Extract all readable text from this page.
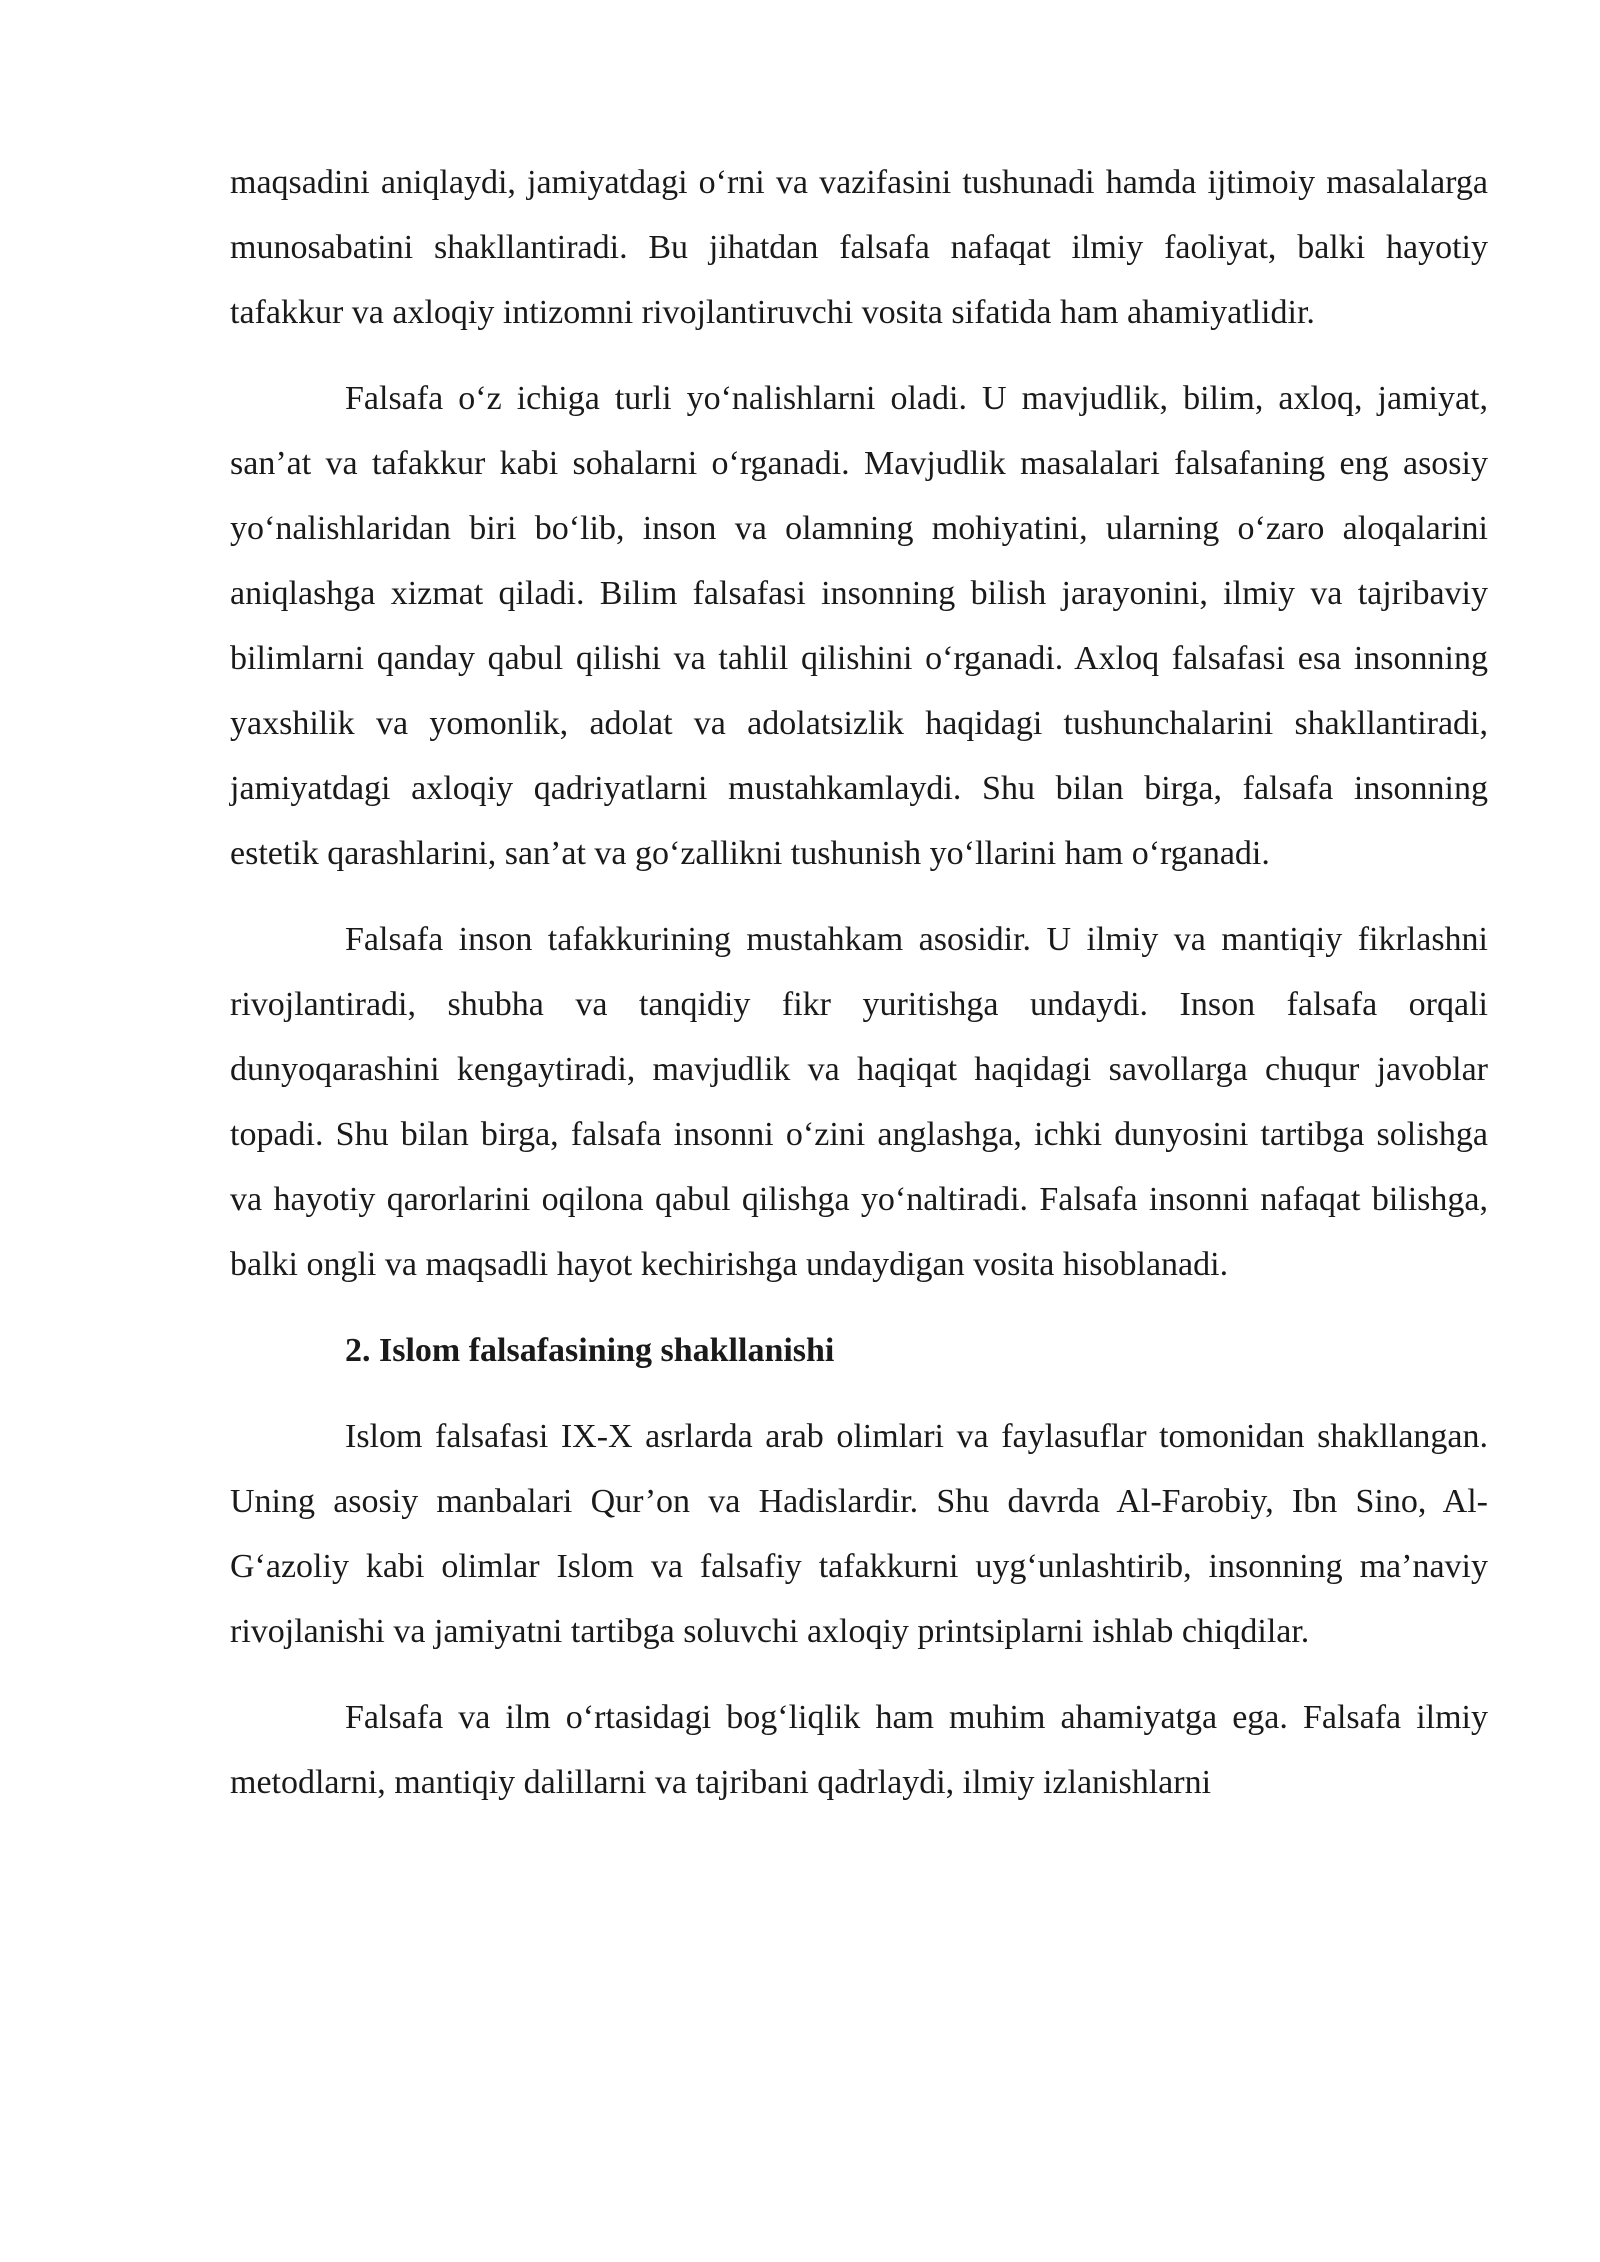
maqsadini aniqlaydi, jamiyatdagi o‘rni va vazifasini tushunadi hamda ijtimoiy masalalarga munosabatini shakllantiradi. Bu jihatdan falsafa nafaqat ilmiy faoliyat, balki hayotiy tafakkur va axloqiy intizomni rivojlantiruvchi vosita sifatida ham ahamiyatlidir.

Falsafa o‘z ichiga turli yo‘nalishlarni oladi. U mavjudlik, bilim, axloq, jamiyat, san’at va tafakkur kabi sohalarni o‘rganadi. Mavjudlik masalalari falsafaning eng asosiy yo‘nalishlaridan biri bo‘lib, inson va olamning mohiyatini, ularning o‘zaro aloqalarini aniqlashga xizmat qiladi. Bilim falsafasi insonning bilish jarayonini, ilmiy va tajribaviy bilimlarni qanday qabul qilishi va tahlil qilishini o‘rganadi. Axloq falsafasi esa insonning yaxshilik va yomonlik, adolat va adolatsizlik haqidagi tushunchalarini shakllantiradi, jamiyatdagi axloqiy qadriyatlarni mustahkamlaydi. Shu bilan birga, falsafa insonning estetik qarashlarini, san’at va go‘zallikni tushunish yo‘llarini ham o‘rganadi.

Falsafa inson tafakkurining mustahkam asosidir. U ilmiy va mantiqiy fikrlashni rivojlantiradi, shubha va tanqidiy fikr yuritishga undaydi. Inson falsafa orqali dunyoqarashini kengaytiradi, mavjudlik va haqiqat haqidagi savollarga chuqur javoblar topadi. Shu bilan birga, falsafa insonni o‘zini anglashga, ichki dunyosini tartibga solishga va hayotiy qarorlarini oqilona qabul qilishga yo‘naltiradi. Falsafa insonni nafaqat bilishga, balki ongli va maqsadli hayot kechirishga undaydigan vosita hisoblanadi.

2. Islom falsafasining shakllanishi

Islom falsafasi IX-X asrlarda arab olimlari va faylasuflar tomonidan shakllangan. Uning asosiy manbalari Qur’on va Hadislardir. Shu davrda Al-Farobiy, Ibn Sino, Al-G‘azoliy kabi olimlar Islom va falsafiy tafakkurni uyg‘unlashtirib, insonning ma’naviy rivojlanishi va jamiyatni tartibga soluvchi axloqiy printsiplarni ishlab chiqdilar.

Falsafa va ilm o‘rtasidagi bog‘liqlik ham muhim ahamiyatga ega. Falsafa ilmiy metodlarni, mantiqiy dalillarni va tajribani qadrlaydi, ilmiy izlanishlarni
